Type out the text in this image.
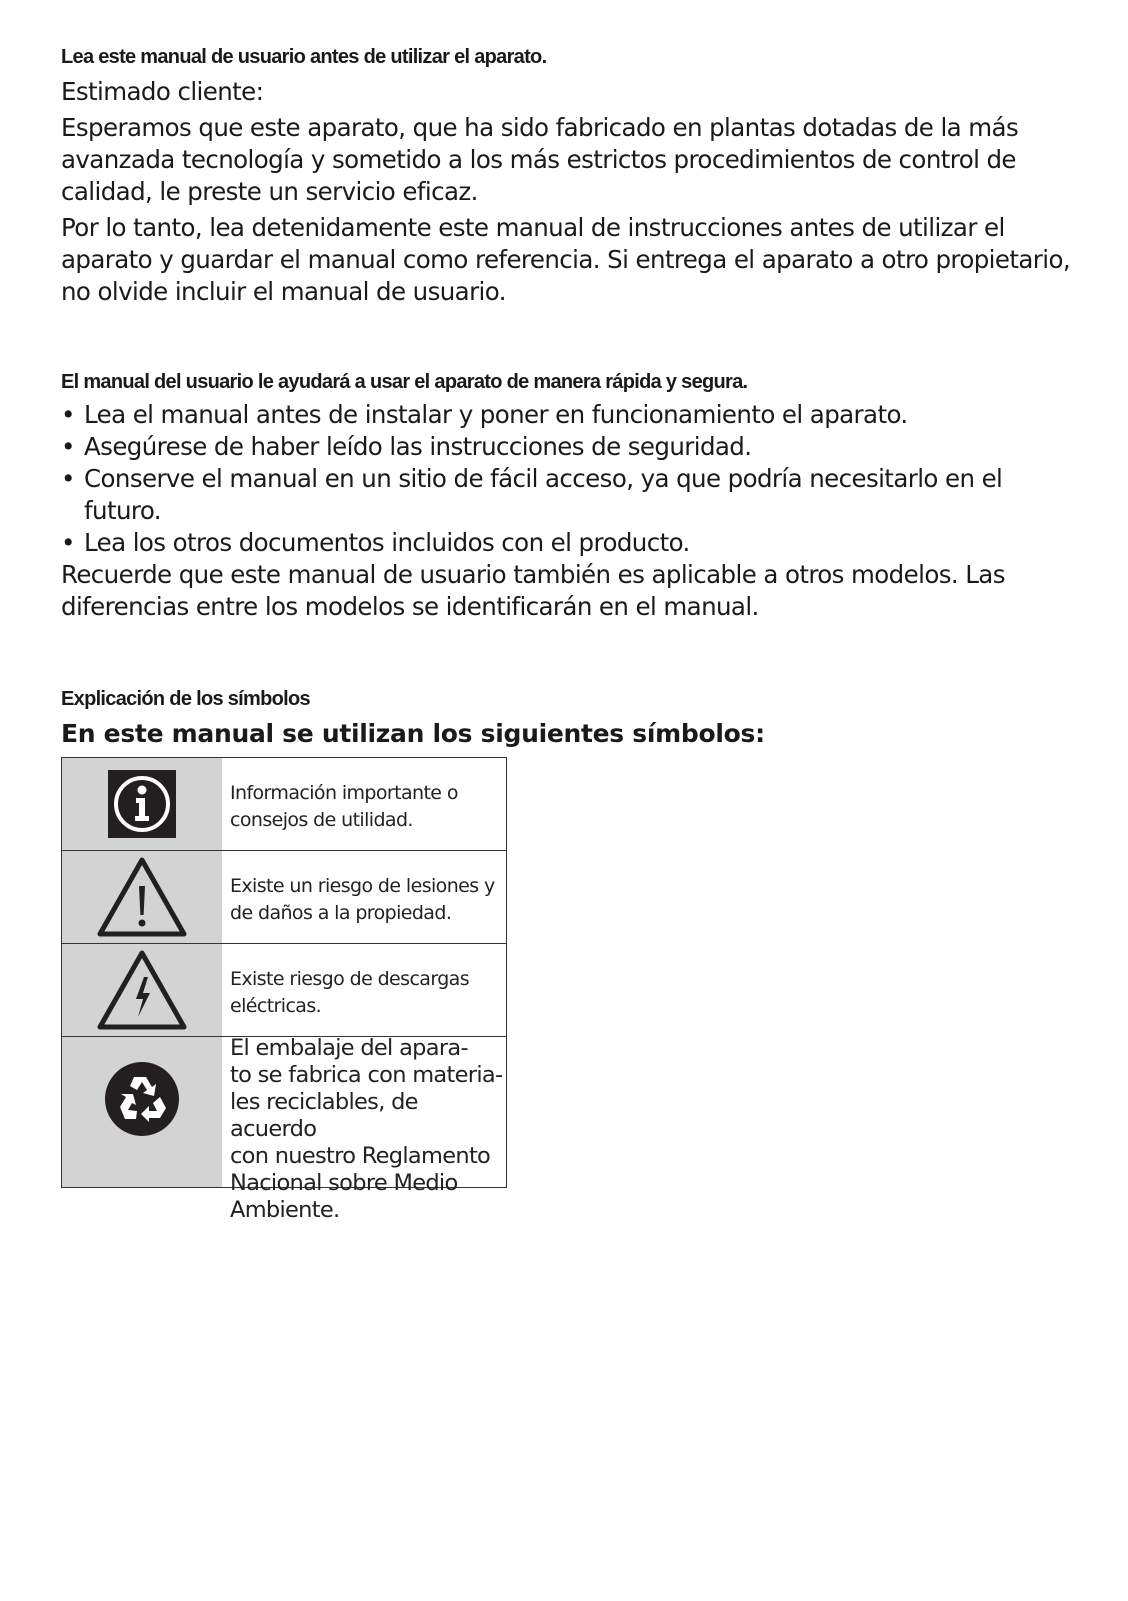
Lea este manual de usuario antes de utilizar el aparato.
Estimado cliente:
Esperamos que este aparato, que ha sido fabricado en plantas dotadas de la más
avanzada tecnología y sometido a los más estrictos procedimientos de control de
calidad, le preste un servicio eficaz.
Por lo tanto, lea detenidamente este manual de instrucciones antes de utilizar el
aparato y guardar el manual como referencia. Si entrega el aparato a otro propietario,
no olvide incluir el manual de usuario.
El manual del usuario le ayudará a usar el aparato de manera rápida y segura.
• Lea el manual antes de instalar y poner en funcionamiento el aparato.
• Asegúrese de haber leído las instrucciones de seguridad.
• Conserve el manual en un sitio de fácil acceso, ya que podría necesitarlo en el
futuro.
• Lea los otros documentos incluidos con el producto.
Recuerde que este manual de usuario también es aplicable a otros modelos. Las
diferencias entre los modelos se identificarán en el manual.
Explicación de los símbolos
En este manual se utilizan los siguientes símbolos:
Información importante o consejos de utilidad.
Existe un riesgo de lesiones y de daños a la propiedad.
Existe riesgo de descargas eléctricas.
El embalaje del apara-
to se fabrica con materia-
les reciclables, de acuerdo
con nuestro Reglamento
Nacional sobre Medio
Ambiente.
